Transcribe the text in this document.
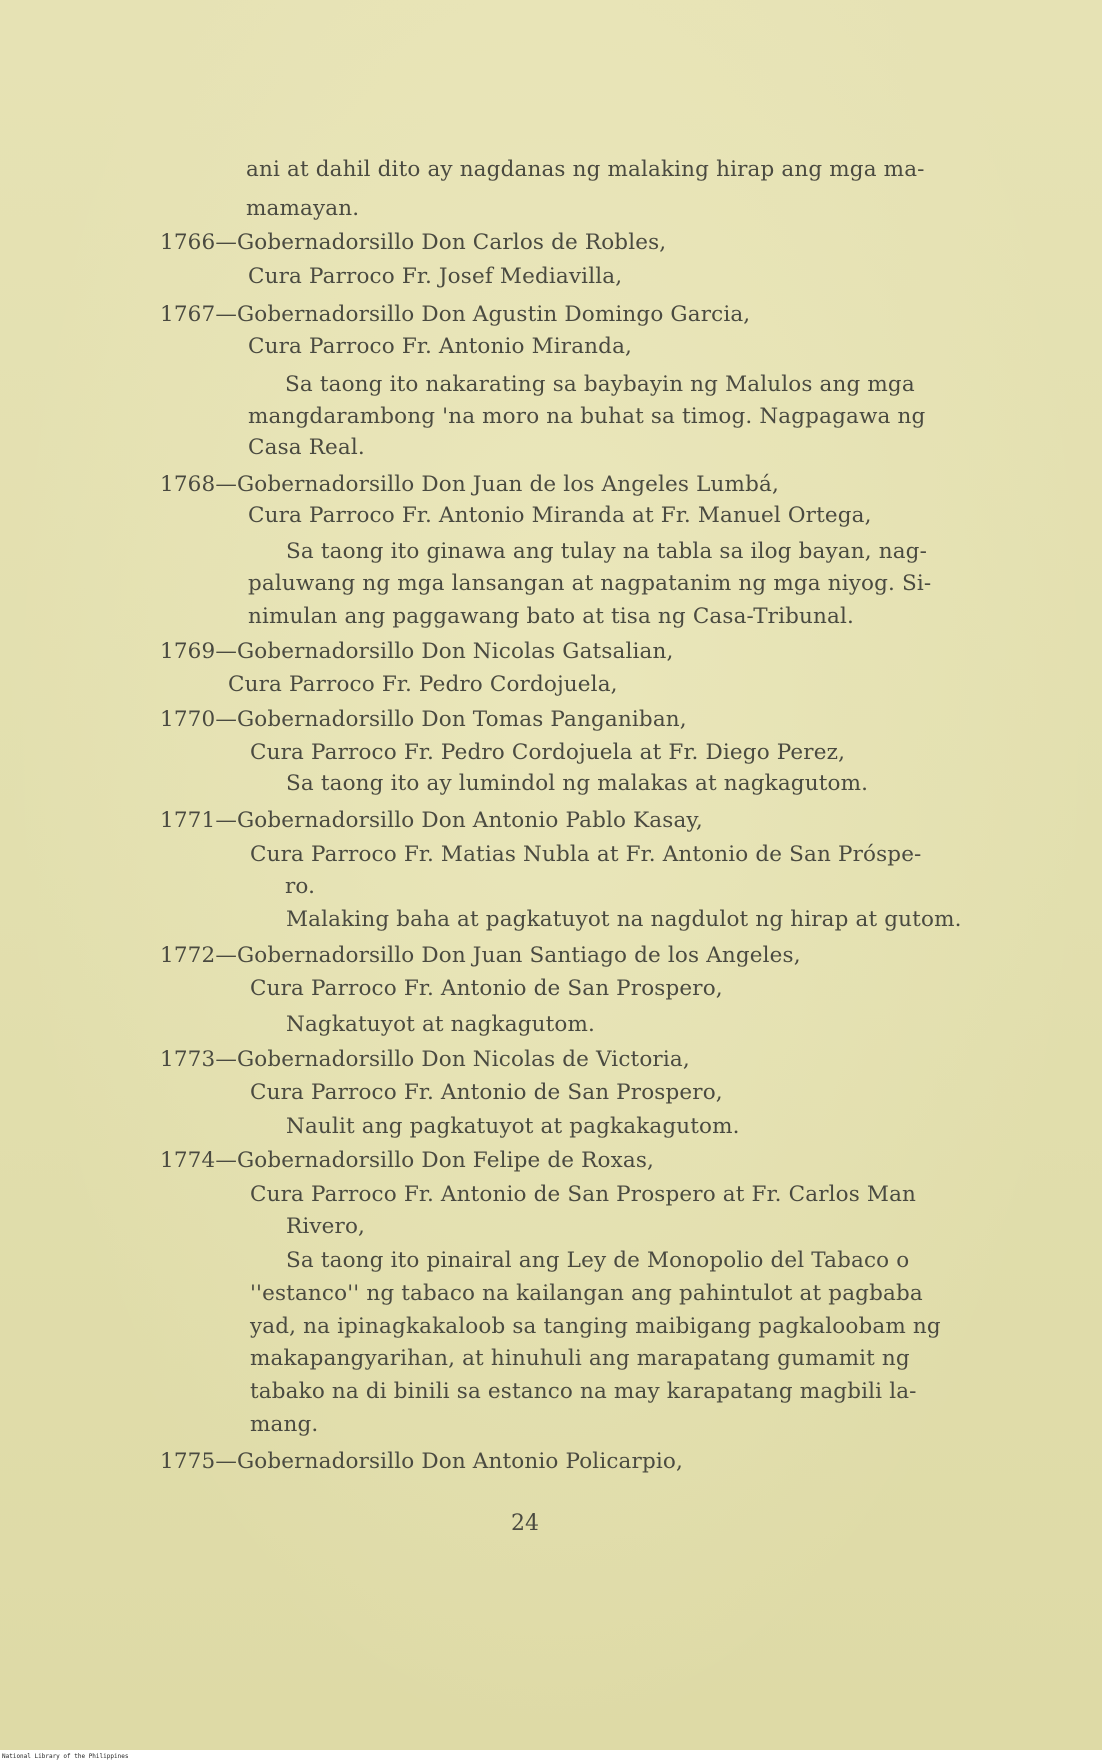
ani at dahil dito ay nagdanas ng malaking hirap ang mga ma-
mamayan.
1766—Gobernadorsillo Don Carlos de Robles,
Cura Parroco Fr. Josef Mediavilla,
1767—Gobernadorsillo Don Agustin Domingo Garcia,
Cura Parroco Fr. Antonio Miranda,
Sa taong ito nakarating sa baybayin ng Malulos ang mga
mangdarambong 'na moro na buhat sa timog. Nagpagawa ng
Casa Real.
1768—Gobernadorsillo Don Juan de los Angeles Lumbá,
Cura Parroco Fr. Antonio Miranda at Fr. Manuel Ortega,
Sa taong ito ginawa ang tulay na tabla sa ilog bayan, nag-
paluwang ng mga lansangan at nagpatanim ng mga niyog. Si-
nimulan ang paggawang bato at tisa ng Casa-Tribunal.
1769—Gobernadorsillo Don Nicolas Gatsalian,
Cura Parroco Fr. Pedro Cordojuela,
1770—Gobernadorsillo Don Tomas Panganiban,
Cura Parroco Fr. Pedro Cordojuela at Fr. Diego Perez,
Sa taong ito ay lumindol ng malakas at nagkagutom.
1771—Gobernadorsillo Don Antonio Pablo Kasay,
Cura Parroco Fr. Matias Nubla at Fr. Antonio de San Próspe-
ro.
Malaking baha at pagkatuyot na nagdulot ng hirap at gutom.
1772—Gobernadorsillo Don Juan Santiago de los Angeles,
Cura Parroco Fr. Antonio de San Prospero,
Nagkatuyot at nagkagutom.
1773—Gobernadorsillo Don Nicolas de Victoria,
Cura Parroco Fr. Antonio de San Prospero,
Naulit ang pagkatuyot at pagkakagutom.
1774—Gobernadorsillo Don Felipe de Roxas,
Cura Parroco Fr. Antonio de San Prospero at Fr. Carlos Man
Rivero,
Sa taong ito pinairal ang Ley de Monopolio del Tabaco o
''estanco'' ng tabaco na kailangan ang pahintulot at pagbaba
yad, na ipinagkakaloob sa tanging maibigang pagkaloobam ng
makapangyarihan, at hinuhuli ang marapatang gumamit ng
tabako na di binili sa estanco na may karapatang magbili la-
mang.
1775—Gobernadorsillo Don Antonio Policarpio,
24
National Library of the Philippines
